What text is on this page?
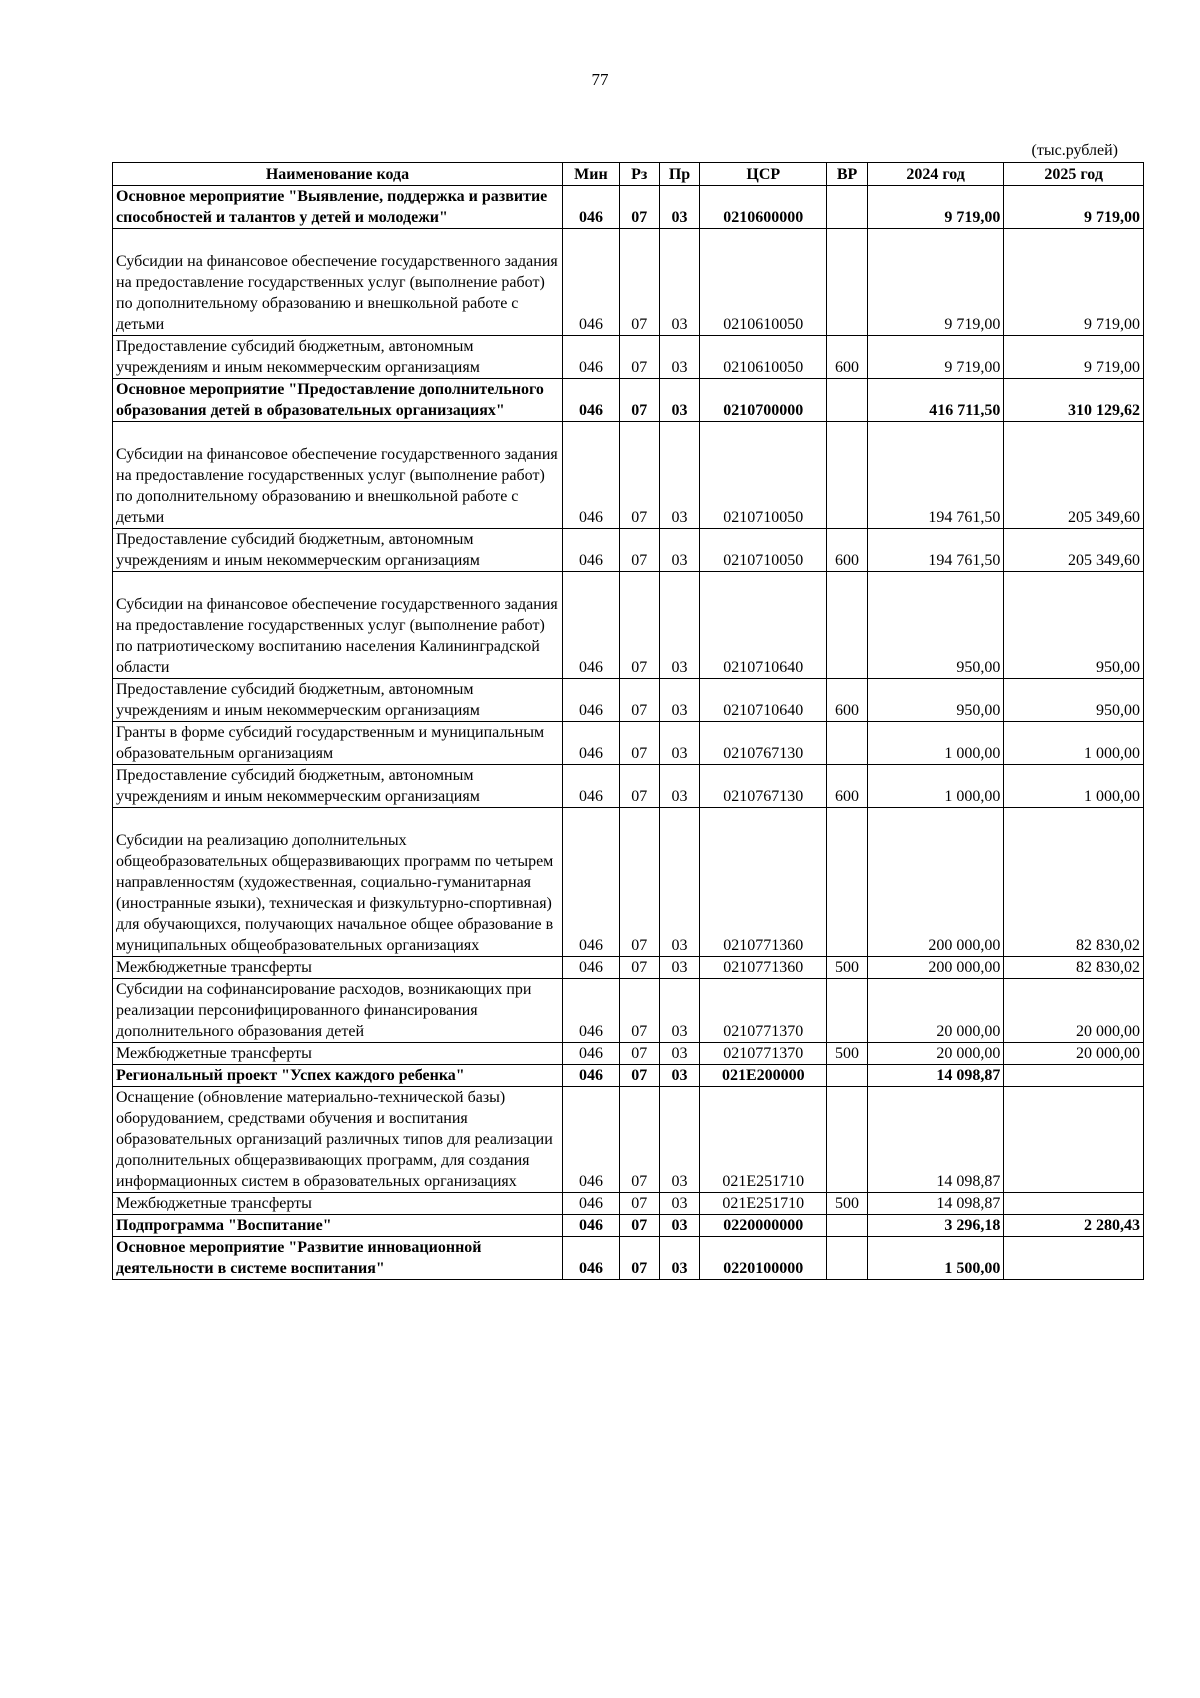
77
(тыс.рублей)
Наименование кода	Мин	Рз	Пр	ЦСР	ВР	2024 год	2025 год
Основное мероприятие "Выявление, поддержка и развитие способностей и талантов у детей и молодежи"	046	07	03	0210600000		9 719,00	9 719,00
Субсидии на финансовое обеспечение государственного задания на предоставление государственных услуг (выполнение работ) по дополнительному образованию и внешкольной работе с детьми	046	07	03	0210610050		9 719,00	9 719,00
Предоставление субсидий бюджетным, автономным учреждениям и иным некоммерческим организациям	046	07	03	0210610050	600	9 719,00	9 719,00
Основное мероприятие "Предоставление дополнительного образования детей в образовательных организациях"	046	07	03	0210700000		416 711,50	310 129,62
Субсидии на финансовое обеспечение государственного задания на предоставление государственных услуг (выполнение работ) по дополнительному образованию и внешкольной работе с детьми	046	07	03	0210710050		194 761,50	205 349,60
Предоставление субсидий бюджетным, автономным учреждениям и иным некоммерческим организациям	046	07	03	0210710050	600	194 761,50	205 349,60
Субсидии на финансовое обеспечение государственного задания на предоставление государственных услуг (выполнение работ) по патриотическому воспитанию населения Калининградской области	046	07	03	0210710640		950,00	950,00
Предоставление субсидий бюджетным, автономным учреждениям и иным некоммерческим организациям	046	07	03	0210710640	600	950,00	950,00
Гранты в форме субсидий государственным и муниципальным образовательным организациям	046	07	03	0210767130		1 000,00	1 000,00
Предоставление субсидий бюджетным, автономным учреждениям и иным некоммерческим организациям	046	07	03	0210767130	600	1 000,00	1 000,00
Субсидии на реализацию дополнительных общеобразовательных общеразвивающих программ по четырем направленностям (художественная, социально-гуманитарная (иностранные языки), техническая и физкультурно-спортивная) для обучающихся, получающих начальное общее образование в муниципальных общеобразовательных организациях	046	07	03	0210771360		200 000,00	82 830,02
Межбюджетные трансферты	046	07	03	0210771360	500	200 000,00	82 830,02
Субсидии на софинансирование расходов, возникающих при реализации персонифицированного финансирования дополнительного образования детей	046	07	03	0210771370		20 000,00	20 000,00
Межбюджетные трансферты	046	07	03	0210771370	500	20 000,00	20 000,00
Региональный проект "Успех каждого ребенка"	046	07	03	021E200000		14 098,87	
Оснащение (обновление материально-технической базы) оборудованием, средствами обучения и воспитания образовательных организаций различных типов для реализации дополнительных общеразвивающих программ, для создания информационных систем в образовательных организациях	046	07	03	021E251710		14 098,87	
Межбюджетные трансферты	046	07	03	021E251710	500	14 098,87	
Подпрограмма "Воспитание"	046	07	03	0220000000		3 296,18	2 280,43
Основное мероприятие "Развитие инновационной деятельности в системе воспитания"	046	07	03	0220100000		1 500,00	
